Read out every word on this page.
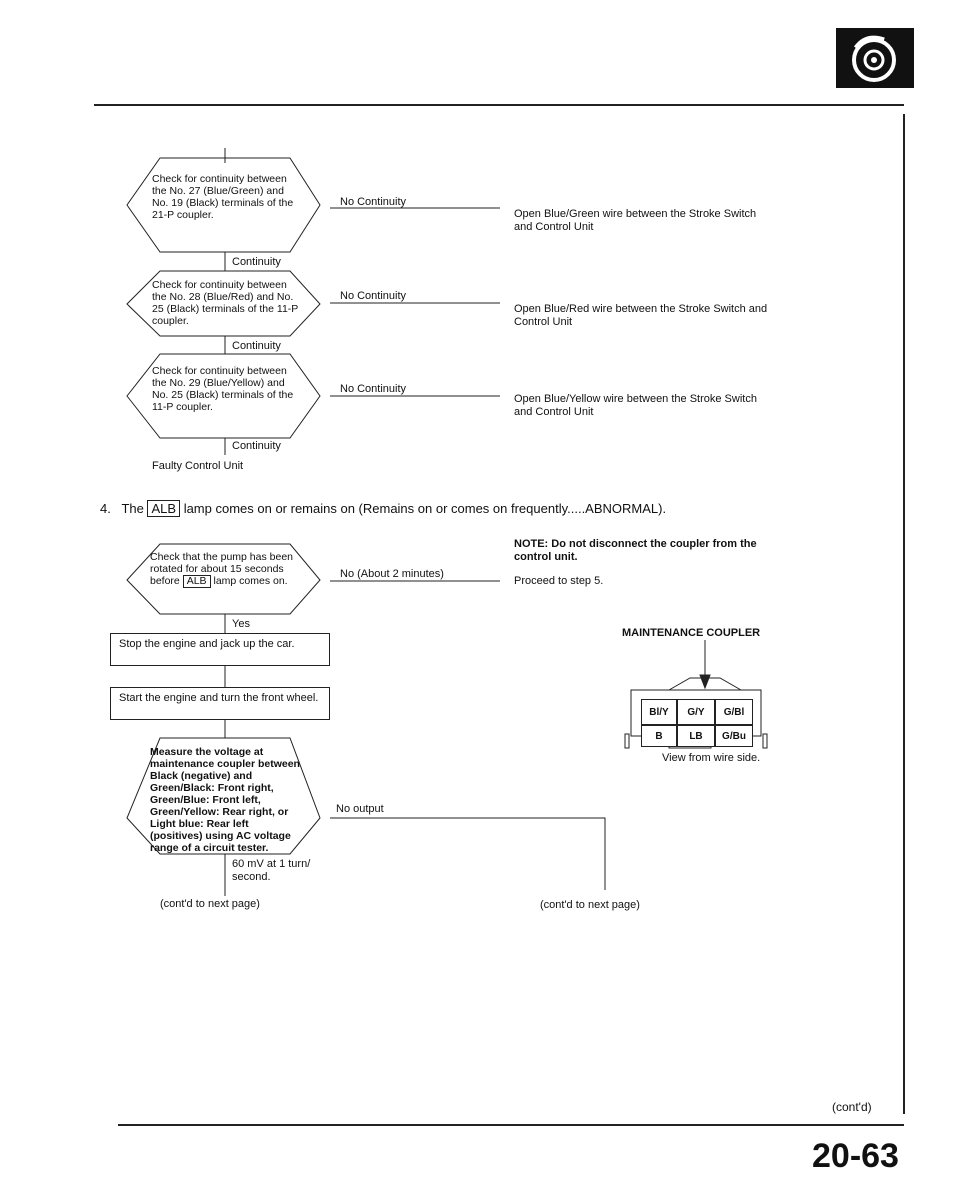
Check for continuity between the No. 27 (Blue/Green) and No. 19 (Black) terminals of the 21-P coupler.
No Continuity
Open Blue/Green wire between the Stroke Switch and Control Unit
Continuity
Check for continuity between the No. 28 (Blue/Red) and No. 25 (Black) terminals of the 11-P coupler.
No Continuity
Open Blue/Red wire between the Stroke Switch and Control Unit
Continuity
Check for continuity between the No. 29 (Blue/Yellow) and No. 25 (Black) terminals of the 11-P coupler.
No Continuity
Open Blue/Yellow wire between the Stroke Switch and Control Unit
Continuity
Faulty Control Unit
4. The ALB lamp comes on or remains on (Remains on or comes on frequently.....ABNORMAL).
Check that the pump has been rotated for about 15 seconds before ALB lamp comes on.
No (About 2 minutes)
NOTE: Do not disconnect the coupler from the control unit.
Proceed to step 5.
Yes
Stop the engine and jack up the car.
Start the engine and turn the front wheel.
Measure the voltage at maintenance coupler between Black (negative) and Green/Black: Front right, Green/Blue: Front left, Green/Yellow: Rear right, or Light blue: Rear left (positives) using AC voltage range of a circuit tester.
No output
60 mV at 1 turn/ second.
(cont'd to next page)	(cont'd to next page)
MAINTENANCE COUPLER
Bl/Y	G/Y	G/Bl
View from wire side.
(cont'd)
20-63
B	LB	G/Bu
